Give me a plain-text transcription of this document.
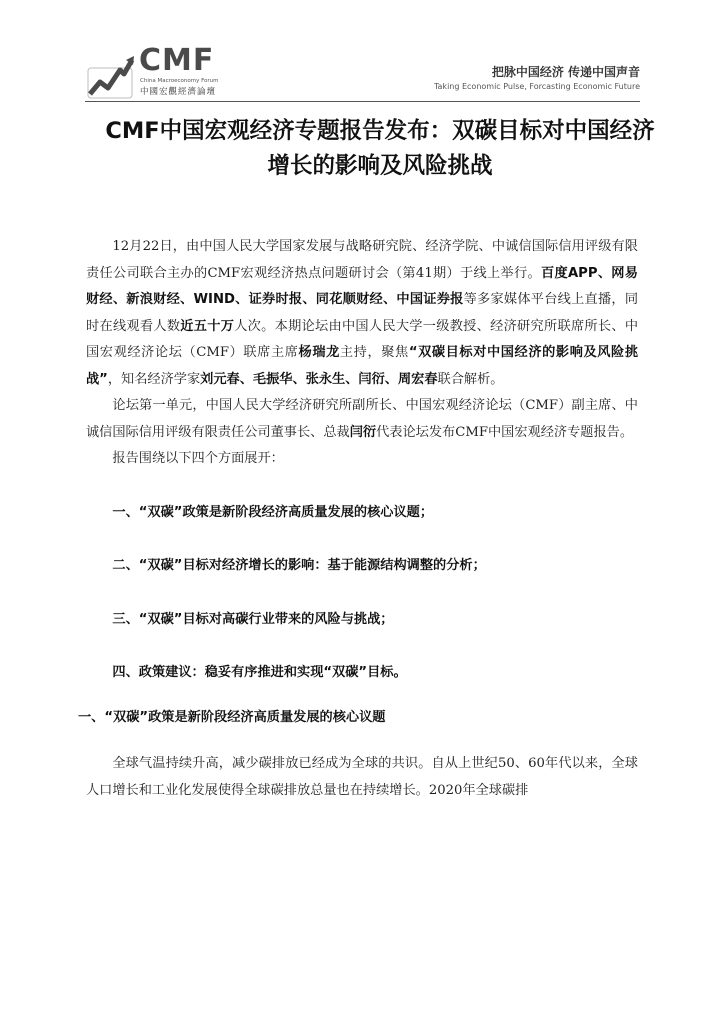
CMF
China Macroeconomy Forum
中國宏觀經濟論壇
把脉中国经济 传递中国声音
Taking Economic Pulse, Forcasting Economic Future
CMF中国宏观经济专题报告发布：双碳目标对中国经济增长的影响及风险挑战

12月22日，由中国人民大学国家发展与战略研究院、经济学院、中诚信国际信用评级有限责任公司联合主办的CMF宏观经济热点问题研讨会（第41期）于线上举行。百度APP、网易财经、新浪财经、WIND、证券时报、同花顺财经、中国证券报等多家媒体平台线上直播，同时在线观看人数近五十万人次。本期论坛由中国人民大学一级教授、经济研究所联席所长、中国宏观经济论坛（CMF）联席主席杨瑞龙主持，聚焦“双碳目标对中国经济的影响及风险挑战”，知名经济学家刘元春、毛振华、张永生、闫衍、周宏春联合解析。

论坛第一单元，中国人民大学经济研究所副所长、中国宏观经济论坛（CMF）副主席、中诚信国际信用评级有限责任公司董事长、总裁闫衍代表论坛发布CMF中国宏观经济专题报告。

报告围绕以下四个方面展开：

一、“双碳”政策是新阶段经济高质量发展的核心议题；

二、“双碳”目标对经济增长的影响：基于能源结构调整的分析；

三、“双碳”目标对高碳行业带来的风险与挑战；

四、政策建议：稳妥有序推进和实现“双碳”目标。

一、“双碳”政策是新阶段经济高质量发展的核心议题

全球气温持续升高，减少碳排放已经成为全球的共识。自从上世纪50、60年代以来，全球人口增长和工业化发展使得全球碳排放总量也在持续增长。2020年全球碳排
